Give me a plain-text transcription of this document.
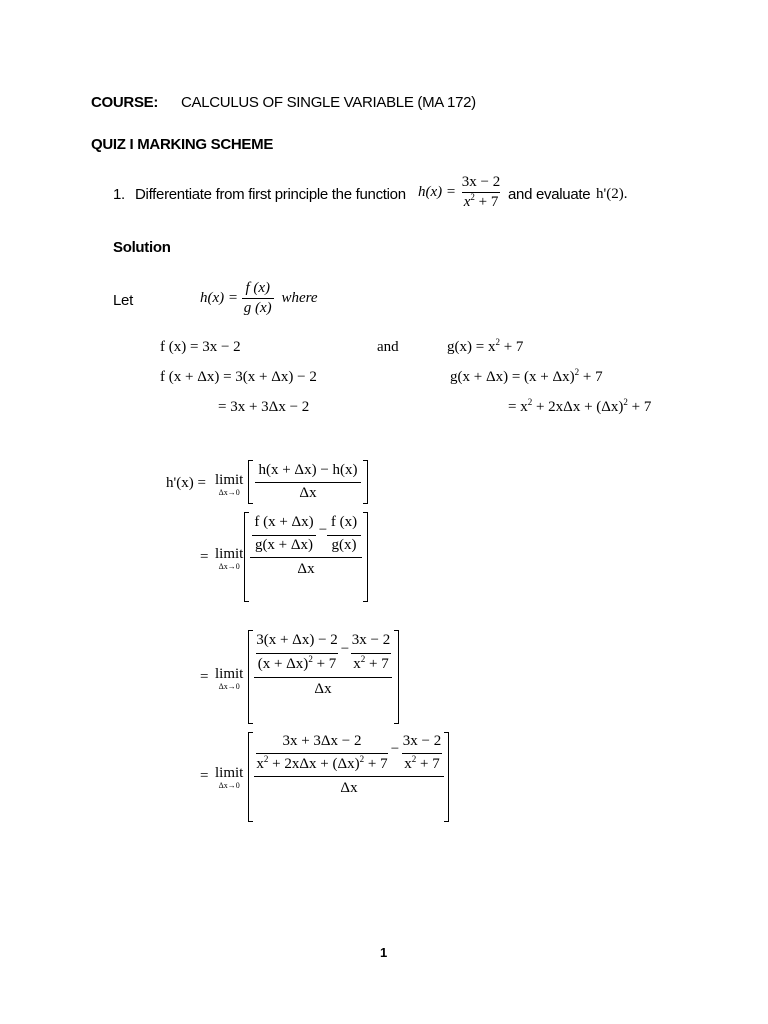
COURSE: CALCULUS OF SINGLE VARIABLE (MA 172)
QUIZ I MARKING SCHEME
1. Differentiate from first principle the function $h(x) = \frac{3x - 2}{x^2 + 7}$ and evaluate h'(2).
Solution
Let	$h(x) = \frac{f (x)}{g (x)}$ where
f (x) = 3x − 2	and	$g(x) = x^2 + 7$
f (x + Δx) = 3(x + Δx) − 2	$g(x + \Delta x) = (x + \Delta x)^2 + 7$
= 3x + 3Δx − 2	= $x^2 + 2x\Delta x + (\Delta x)^2 + 7$
h'(x) = limit
Δx→0
h(x + Δx) − h(x)
Δx
= limit
Δx→0
f (x + Δx)
g(x + Δx)
− f (x)
g(x)
Δx
= limit
Δx→0
3(x + Δx) − 2
$(x + \Delta x)^2 + 7$
−
3x − 2
$x^2 + 7$
Δx
= limit
Δx→0
3x + 3Δx − 2
$x^2 + 2x\Delta x + (\Delta x)^2 + 7$
− 3x − 2
$x^2 + 7$
Δx
1
